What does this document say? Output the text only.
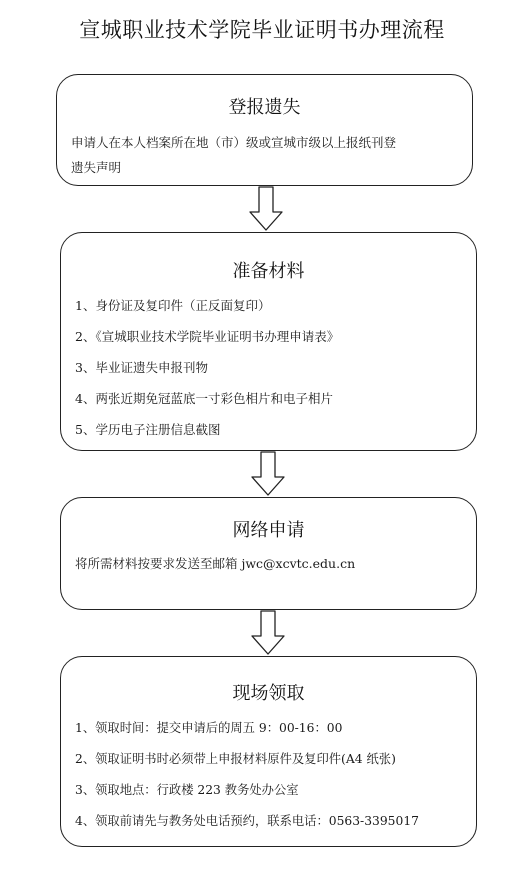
宣城职业技术学院毕业证明书办理流程
登报遗失
申请人在本人档案所在地（市）级或宣城市级以上报纸刊登
遗失声明
准备材料
1、身份证及复印件（正反面复印）
2、《宣城职业技术学院毕业证明书办理申请表》
3、毕业证遗失申报刊物
4、两张近期免冠蓝底一寸彩色相片和电子相片
5、学历电子注册信息截图
网络申请
将所需材料按要求发送至邮箱 jwc@xcvtc.edu.cn
现场领取
1、领取时间：提交申请后的周五 9：00-16：00
2、领取证明书时必须带上申报材料原件及复印件(A4 纸张)
3、领取地点：行政楼 223 教务处办公室
4、领取前请先与教务处电话预约，联系电话：0563-3395017
